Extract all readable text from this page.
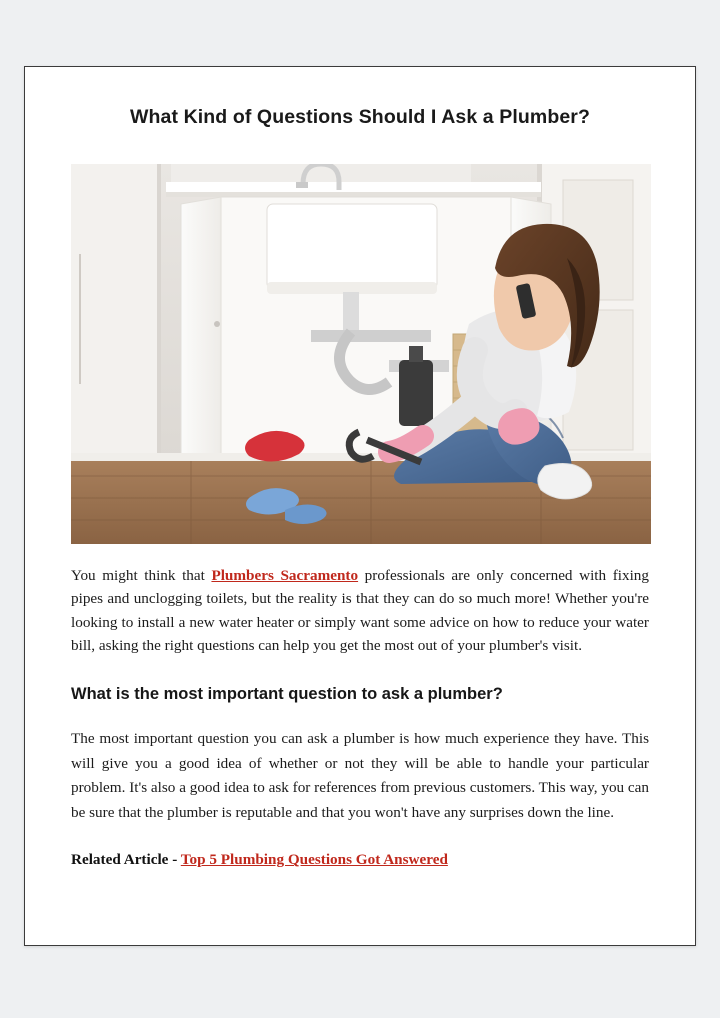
What Kind of Questions Should I Ask a Plumber?

You might think that Plumbers Sacramento professionals are only concerned with fixing pipes and unclogging toilets, but the reality is that they can do so much more! Whether you're looking to install a new water heater or simply want some advice on how to reduce your water bill, asking the right questions can help you get the most out of your plumber's visit.

What is the most important question to ask a plumber?

The most important question you can ask a plumber is how much experience they have. This will give you a good idea of whether or not they will be able to handle your particular problem. It's also a good idea to ask for references from previous customers. This way, you can be sure that the plumber is reputable and that you won't have any surprises down the line.

Related Article - Top 5 Plumbing Questions Got Answered
